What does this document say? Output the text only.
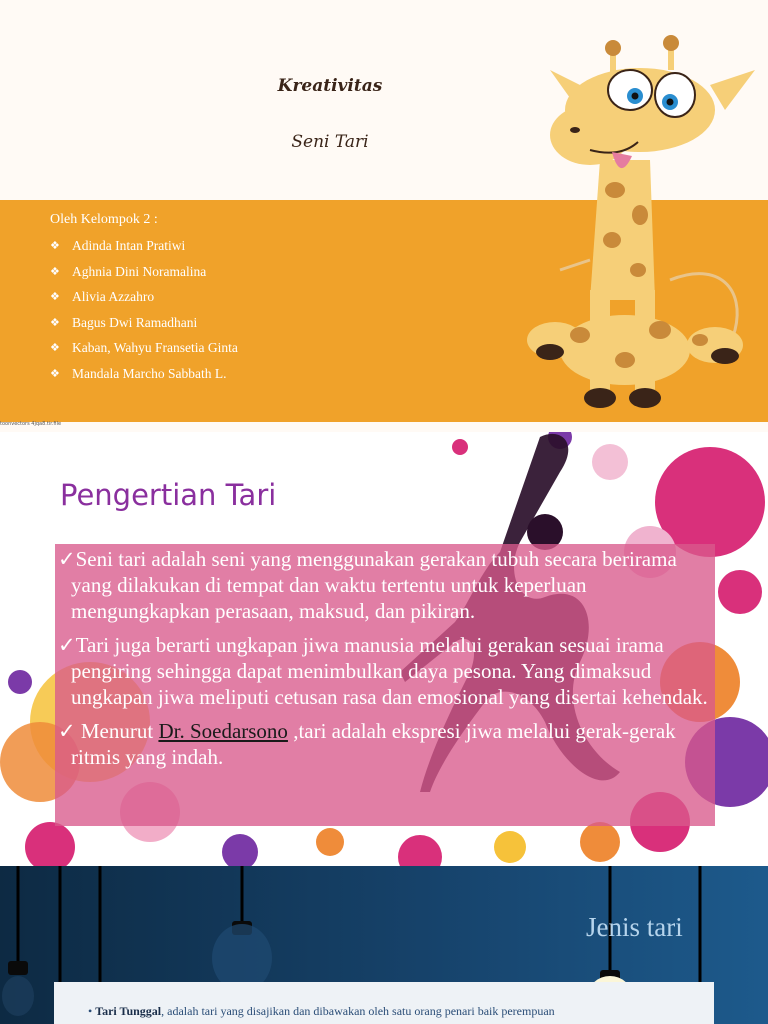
Kreativitas
Seni Tari
Oleh Kelompok 2 :
❖ Adinda Intan Pratiwi
❖ Aghnia Dini Noramalina
❖ Alivia Azzahro
❖ Bagus Dwi Ramadhani
❖ Kaban, Wahyu Fransetia Ginta
❖ Mandala Marcho Sabbath L.
toonvectors 4jqa8.tir.file
Pengertian Tari

✓Seni tari adalah seni yang menggunakan gerakan tubuh secara berirama yang dilakukan di tempat dan waktu tertentu untuk keperluan mengungkapkan perasaan, maksud, dan pikiran.

✓Tari juga berarti ungkapan jiwa manusia melalui gerakan sesuai irama pengiring sehingga dapat menimbulkan daya pesona. Yang dimaksud ungkapan jiwa meliputi cetusan rasa dan emosional yang disertai kehendak.

✓ Menurut Dr. Soedarsono ,tari adalah ekspresi jiwa melalui gerak-gerak ritmis yang indah.

Jenis tari
• Tari Tunggal, adalah tari yang disajikan dan dibawakan oleh satu orang penari baik perempuan
